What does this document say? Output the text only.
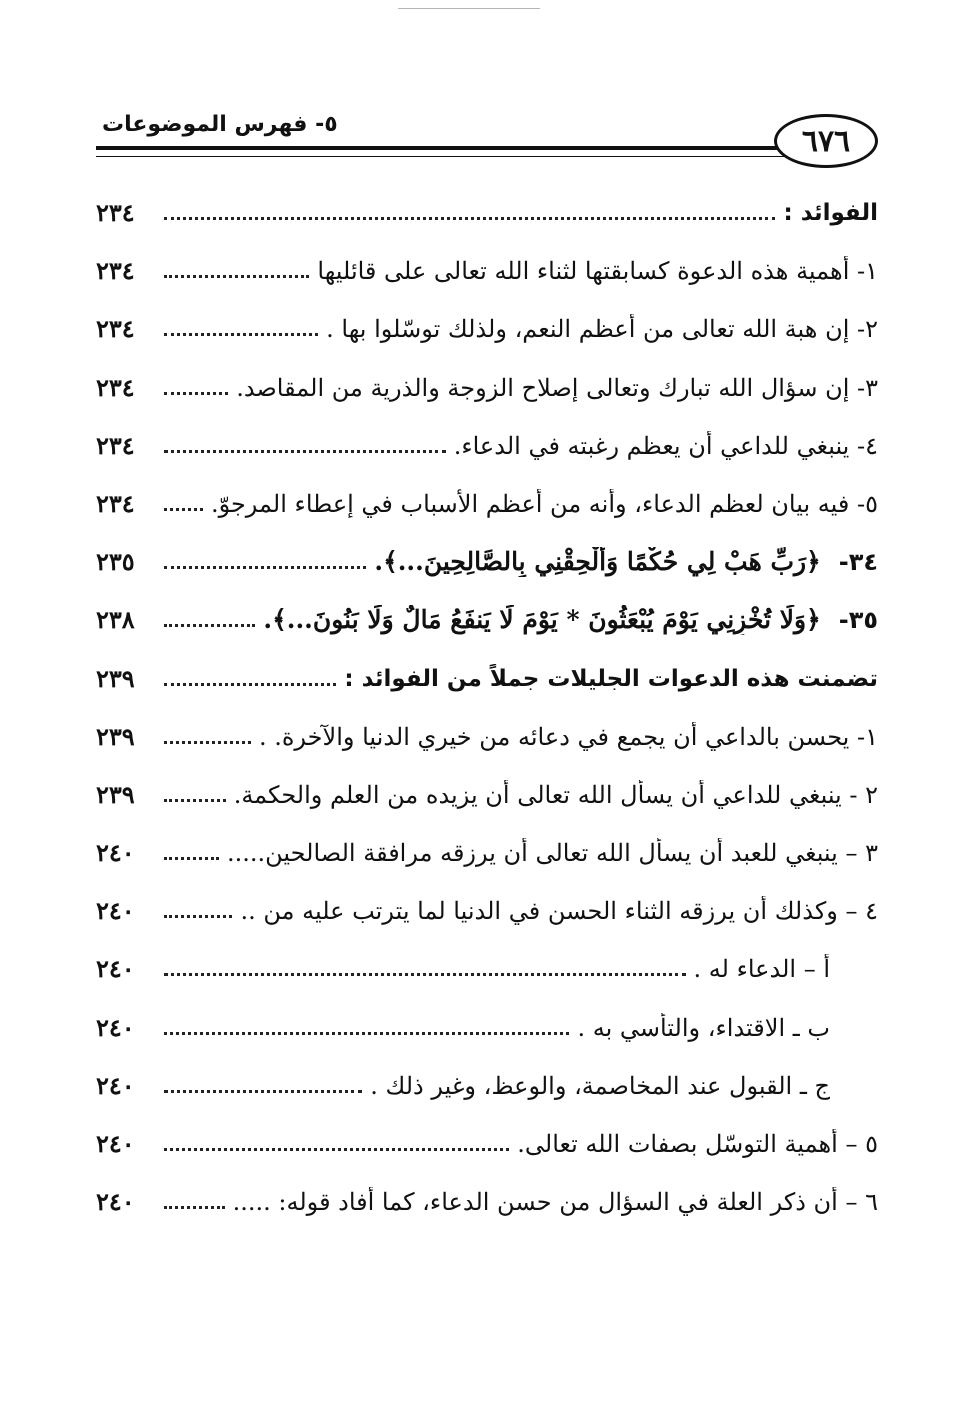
٦٧٦
٥- فهرس الموضوعات
الفوائد :
٢٣٤
١- أهمية هذه الدعوة كسابقتها لثناء الله تعالى على قائليها
٢٣٤
٢- إن هبة الله تعالى من أعظم النعم، ولذلك توسّلوا بها .
٢٣٤
٣- إن سؤال الله تبارك وتعالى إصلاح الزوجة والذرية من المقاصد.
٢٣٤
٤- ينبغي للداعي أن يعظم رغبته في الدعاء.
٢٣٤
٥- فيه بيان لعظم الدعاء، وأنه من أعظم الأسباب في إعطاء المرجوّ.
٢٣٤
٣٤-
﴿رَبِّ هَبْ لِي حُكْمًا وَأَلْحِقْنِي بِالصَّالِحِينَ...﴾.
٢٣٥
٣٥-
﴿وَلَا تُخْزِنِي يَوْمَ يُبْعَثُونَ * يَوْمَ لَا يَنفَعُ مَالٌ وَلَا بَنُونَ...﴾.
٢٣٨
تضمنت هذه الدعوات الجليلات جملاً من الفوائد :
٢٣٩
١- يحسن بالداعي أن يجمع في دعائه من خيري الدنيا والآخرة. .
٢٣٩
٢ - ينبغي للداعي أن يسأل الله تعالى أن يزيده من العلم والحكمة.
٢٣٩
٣ – ينبغي للعبد أن يسأل الله تعالى أن يرزقه مرافقة الصالحين.....
٢٤٠
٤ – وكذلك أن يرزقه الثناء الحسن في الدنيا لما يترتب عليه من ..
٢٤٠
أ – الدعاء له .
٢٤٠
ب ـ الاقتداء، والتأسي به .
٢٤٠
ج ـ القبول عند المخاصمة، والوعظ، وغير ذلك .
٢٤٠
٥ – أهمية التوسّل بصفات الله تعالى.
٢٤٠
٦ – أن ذكر العلة في السؤال من حسن الدعاء، كما أفاد قوله: .....
٢٤٠
